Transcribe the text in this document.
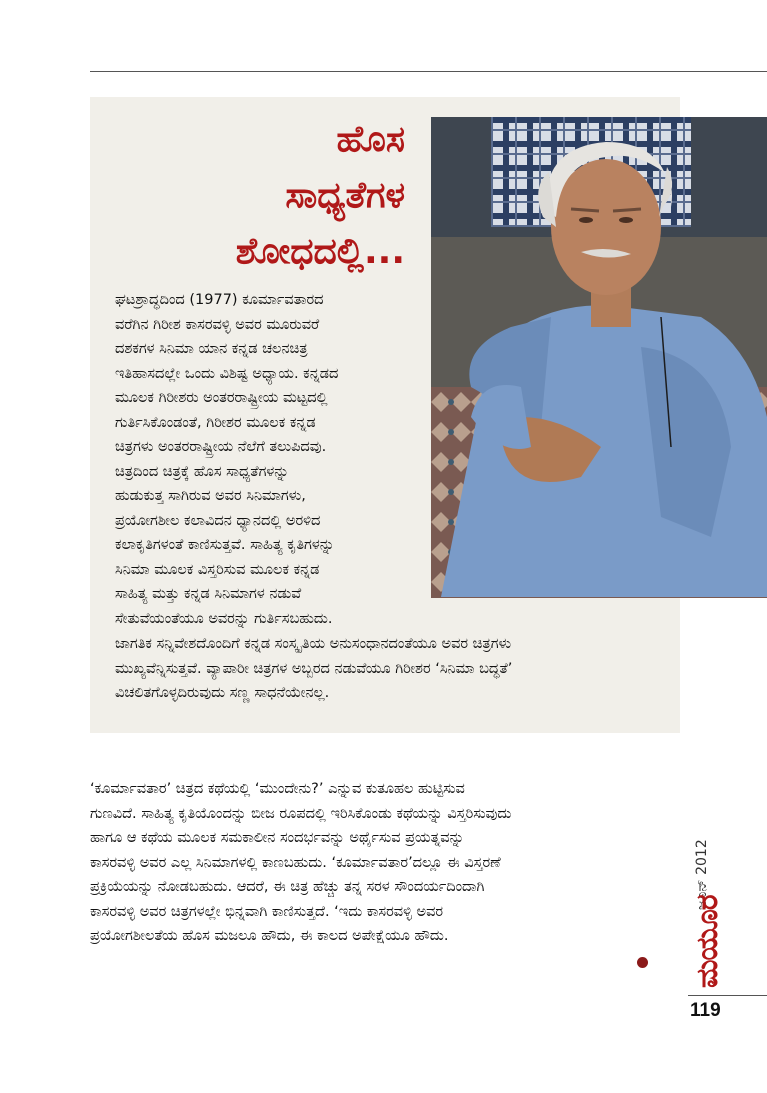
ಹೊಸ
ಸಾಧ್ಯತೆಗಳ
ಶೋಧದಲ್ಲಿ...
ಘಟಶ್ರಾದ್ಧದಿಂದ (1977) ಕೂರ್ಮಾವತಾರದ
ವರೆಗಿನ ಗಿರೀಶ ಕಾಸರವಳ್ಳಿ ಅವರ ಮೂರುವರೆ
ದಶಕಗಳ ಸಿನಿಮಾ ಯಾನ ಕನ್ನಡ ಚಲನಚಿತ್ರ
ಇತಿಹಾಸದಲ್ಲೇ ಒಂದು ವಿಶಿಷ್ಟ ಅಧ್ಯಾಯ. ಕನ್ನಡದ
ಮೂಲಕ ಗಿರೀಶರು ಅಂತರರಾಷ್ಟ್ರೀಯ ಮಟ್ಟದಲ್ಲಿ
ಗುರ್ತಿಸಿಕೊಂಡಂತೆ, ಗಿರೀಶರ ಮೂಲಕ ಕನ್ನಡ
ಚಿತ್ರಗಳು ಅಂತರರಾಷ್ಟ್ರೀಯ ನೆಲೆಗೆ ತಲುಪಿದವು.
ಚಿತ್ರದಿಂದ ಚಿತ್ರಕ್ಕೆ ಹೊಸ ಸಾಧ್ಯತೆಗಳನ್ನು
ಹುಡುಕುತ್ತ ಸಾಗಿರುವ ಅವರ ಸಿನಿಮಾಗಳು,
ಪ್ರಯೋಗಶೀಲ ಕಲಾವಿದನ ಧ್ಯಾನದಲ್ಲಿ ಅರಳಿದ
ಕಲಾಕೃತಿಗಳಂತೆ ಕಾಣಿಸುತ್ತವೆ. ಸಾಹಿತ್ಯ ಕೃತಿಗಳನ್ನು
ಸಿನಿಮಾ ಮೂಲಕ ವಿಸ್ತರಿಸುವ ಮೂಲಕ ಕನ್ನಡ
ಸಾಹಿತ್ಯ ಮತ್ತು ಕನ್ನಡ ಸಿನಿಮಾಗಳ ನಡುವೆ
ಸೇತುವೆಯಂತೆಯೂ ಅವರನ್ನು ಗುರ್ತಿಸಬಹುದು.
ಜಾಗತಿಕ ಸನ್ನಿವೇಶದೊಂದಿಗೆ ಕನ್ನಡ ಸಂಸ್ಕೃತಿಯ ಅನುಸಂಧಾನದಂತೆಯೂ ಅವರ ಚಿತ್ರಗಳು
ಮುಖ್ಯವೆನ್ನಿಸುತ್ತವೆ. ವ್ಯಾಪಾರೀ ಚಿತ್ರಗಳ ಅಬ್ಬರದ ನಡುವೆಯೂ ಗಿರೀಶರ ‘ಸಿನಿಮಾ ಬದ್ಧತೆ’
ವಿಚಲಿತಗೊಳ್ಳದಿರುವುದು ಸಣ್ಣ ಸಾಧನೆಯೇನಲ್ಲ.
‘ಕೂರ್ಮಾವತಾರ’ ಚಿತ್ರದ ಕಥೆಯಲ್ಲಿ ‘ಮುಂದೇನು?’ ಎನ್ನುವ ಕುತೂಹಲ ಹುಟ್ಟಿಸುವ
ಗುಣವಿದೆ. ಸಾಹಿತ್ಯ ಕೃತಿಯೊಂದನ್ನು ಬೀಜ ರೂಪದಲ್ಲಿ ಇರಿಸಿಕೊಂಡು ಕಥೆಯನ್ನು ವಿಸ್ತರಿಸುವುದು
ಹಾಗೂ ಆ ಕಥೆಯ ಮೂಲಕ ಸಮಕಾಲೀನ ಸಂದರ್ಭವನ್ನು ಅರ್ಥೈಸುವ ಪ್ರಯತ್ನವನ್ನು
ಕಾಸರವಳ್ಳಿ ಅವರ ಎಲ್ಲ ಸಿನಿಮಾಗಳಲ್ಲಿ ಕಾಣಬಹುದು. ‘ಕೂರ್ಮಾವತಾರ’ದಲ್ಲೂ ಈ ವಿಸ್ತರಣೆ
ಪ್ರಕ್ರಿಯೆಯನ್ನು ನೋಡಬಹುದು. ಆದರೆ, ಈ ಚಿತ್ರ ಹೆಚ್ಚು ತನ್ನ ಸರಳ ಸೌಂದರ್ಯದಿಂದಾಗಿ
ಕಾಸರವಳ್ಳಿ ಅವರ ಚಿತ್ರಗಳಲ್ಲೇ ಭಿನ್ನವಾಗಿ ಕಾಣಿಸುತ್ತದೆ. ‘ಇದು ಕಾಸರವಳ್ಳಿ ಅವರ
ಪ್ರಯೋಗಶೀಲತೆಯ ಹೊಸ ಮಜಲೂ ಹೌದು, ಈ ಕಾಲದ ಅಪೇಕ್ಷೆಯೂ ಹೌದು.
ಜೂನ್ 2012
ಮಯೂರ
119
